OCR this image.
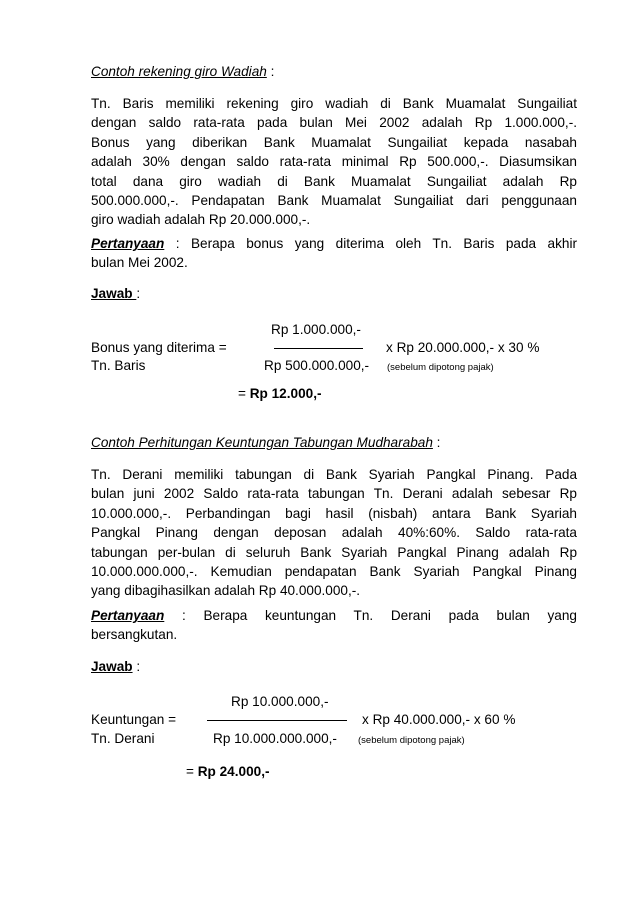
Contoh rekening giro Wadiah :
Tn. Baris memiliki rekening giro wadiah di Bank Muamalat Sungailiat
dengan saldo rata-rata pada bulan Mei 2002 adalah Rp 1.000.000,-.
Bonus yang diberikan Bank Muamalat Sungailiat kepada nasabah
adalah 30% dengan saldo rata-rata minimal Rp 500.000,-. Diasumsikan
total dana giro wadiah di Bank Muamalat Sungailiat adalah Rp
500.000.000,-. Pendapatan Bank Muamalat Sungailiat dari penggunaan
giro wadiah adalah Rp 20.000.000,-.
Pertanyaan : Berapa bonus yang diterima oleh Tn. Baris pada akhir
bulan Mei 2002.
Jawab :
Rp 1.000.000,-
Bonus yang diterima =	x Rp 20.000.000,- x 30 %
Tn. Baris	Rp 500.000.000,- (sebelum dipotong pajak)
= Rp 12.000,-
Contoh Perhitungan Keuntungan Tabungan Mudharabah :
Tn. Derani memiliki tabungan di Bank Syariah Pangkal Pinang. Pada
bulan juni 2002 Saldo rata-rata tabungan Tn. Derani adalah sebesar Rp
10.000.000,-. Perbandingan bagi hasil (nisbah) antara Bank Syariah
Pangkal Pinang dengan deposan adalah 40%:60%. Saldo rata-rata
tabungan per-bulan di seluruh Bank Syariah Pangkal Pinang adalah Rp
10.000.000.000,-. Kemudian pendapatan Bank Syariah Pangkal Pinang
yang dibagihasilkan adalah Rp 40.000.000,-.
Pertanyaan : Berapa keuntungan Tn. Derani pada bulan yang
bersangkutan.
Jawab :
Rp 10.000.000,-
Keuntungan =	x Rp 40.000.000,- x 60 %
Tn. Derani	Rp 10.000.000.000,- (sebelum dipotong pajak)
= Rp 24.000,-
